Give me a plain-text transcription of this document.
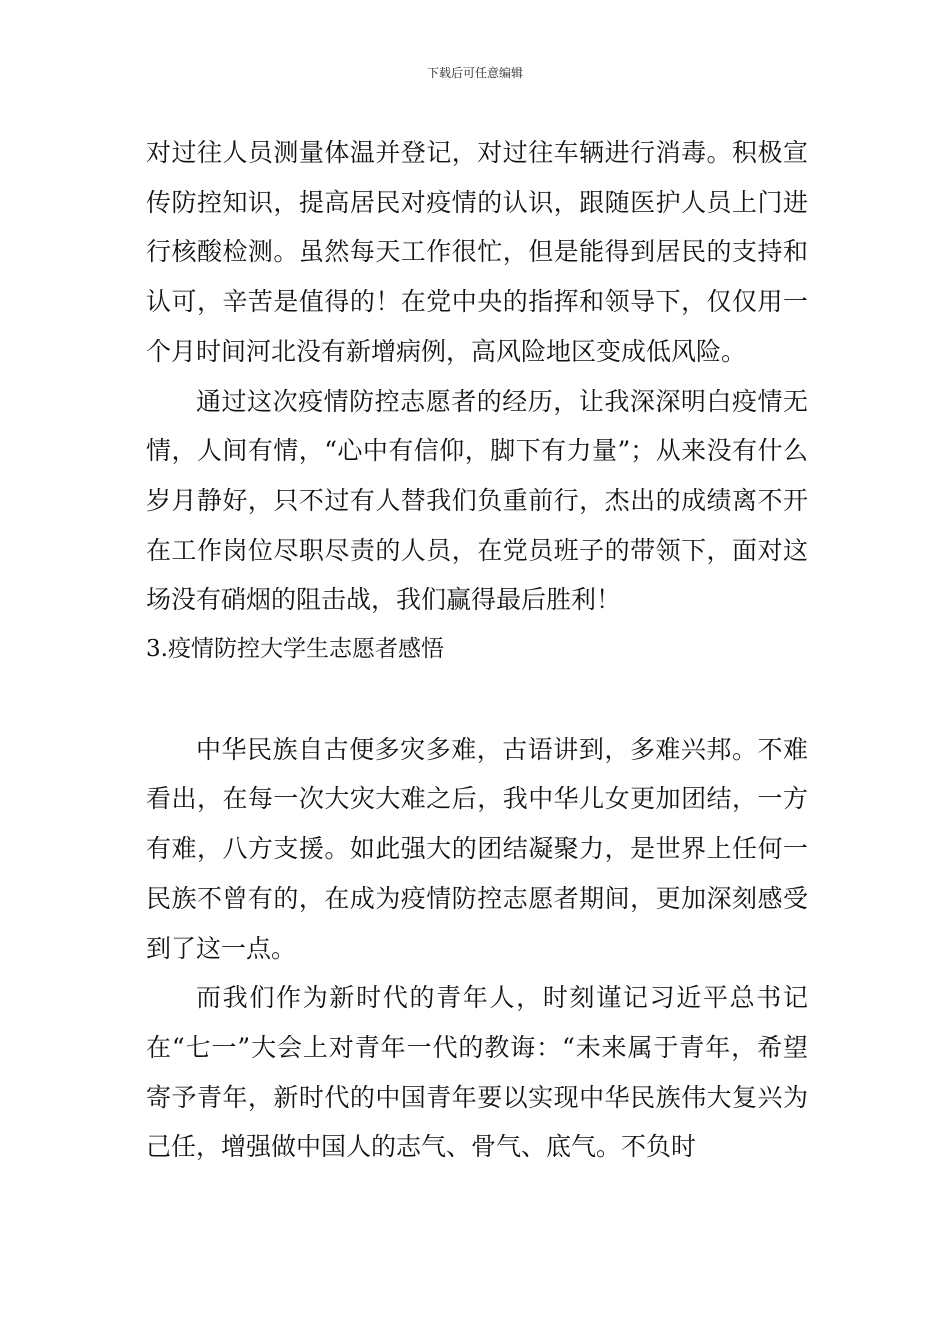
下载后可任意编辑

对过往人员测量体温并登记，对过往车辆进行消毒。积极宣传防控知识，提高居民对疫情的认识，跟随医护人员上门进行核酸检测。虽然每天工作很忙，但是能得到居民的支持和认可，辛苦是值得的！在党中央的指挥和领导下，仅仅用一个月时间河北没有新增病例，高风险地区变成低风险。

通过这次疫情防控志愿者的经历，让我深深明白疫情无情，人间有情，“心中有信仰，脚下有力量”；从来没有什么岁月静好，只不过有人替我们负重前行，杰出的成绩离不开在工作岗位尽职尽责的人员，在党员班子的带领下，面对这场没有硝烟的阻击战，我们赢得最后胜利！

3.疫情防控大学生志愿者感悟

中华民族自古便多灾多难，古语讲到，多难兴邦。不难看出，在每一次大灾大难之后，我中华儿女更加团结，一方有难，八方支援。如此强大的团结凝聚力，是世界上任何一民族不曾有的，在成为疫情防控志愿者期间，更加深刻感受到了这一点。

而我们作为新时代的青年人，时刻谨记习近平总书记在“七一”大会上对青年一代的教诲：“未来属于青年，希望寄予青年，新时代的中国青年要以实现中华民族伟大复兴为己任，增强做中国人的志气、骨气、底气。不负时
